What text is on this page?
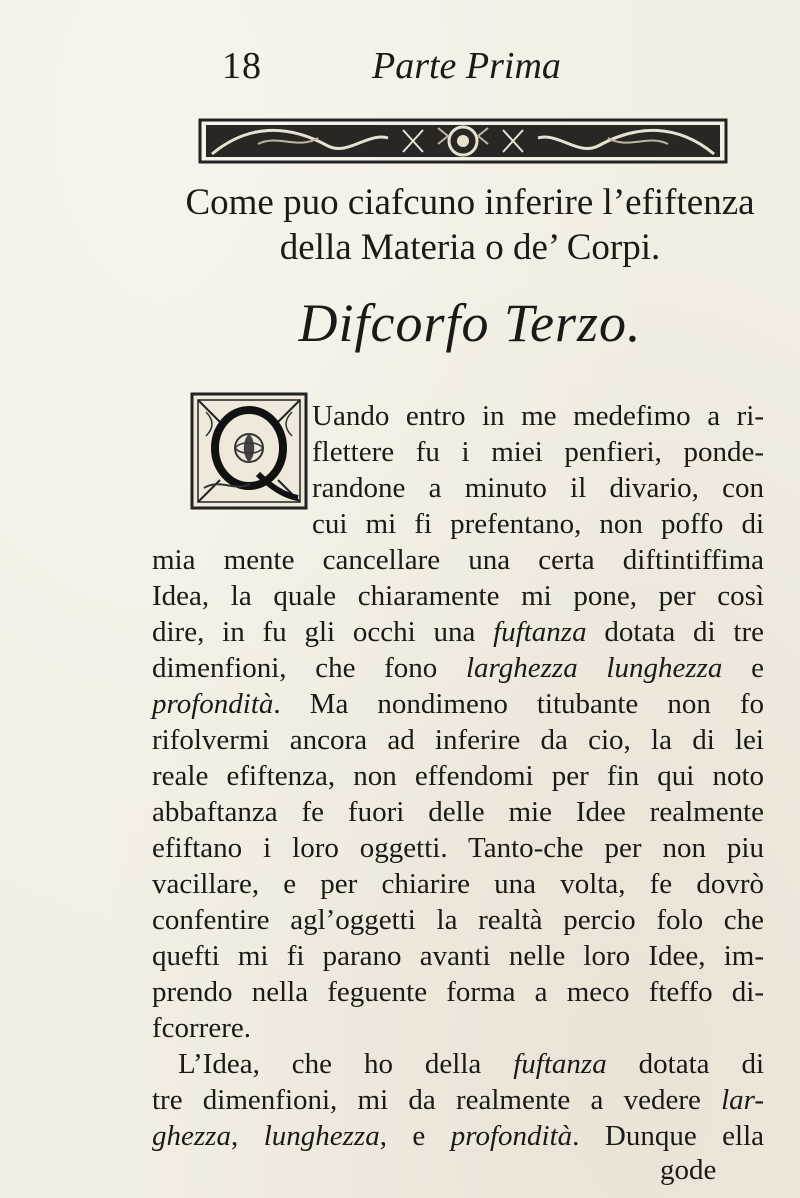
18	Parte Prima
Come puo ciafcuno inferire l’efiftenza
della Materia o de’ Corpi.
Difcorfo Terzo.
Uando entro in me medefimo a ri-
flettere fu i miei penfieri, ponde-
randone a minuto il divario, con
cui mi fi prefentano, non poffo di
mia mente cancellare una certa diftintiffima
Idea, la quale chiaramente mi pone, per così
dire, in fu gli occhi una fuftanza dotata di tre
dimenfioni, che fono larghezza lunghezza e
profondità. Ma nondimeno titubante non fo
rifolvermi ancora ad inferire da cio, la di lei
reale efiftenza, non effendomi per fin qui noto
abbaftanza fe fuori delle mie Idee realmente
efiftano i loro oggetti. Tanto-che per non piu
vacillare, e per chiarire una volta, fe dovrò
confentire agl’oggetti la realtà percio folo che
quefti mi fi parano avanti nelle loro Idee, im-
prendo nella feguente forma a meco fteffo di-
fcorrere.
L’Idea, che ho della fuftanza dotata di
tre dimenfioni, mi da realmente a vedere lar-
ghezza, lunghezza, e profondità. Dunque ella
gode
